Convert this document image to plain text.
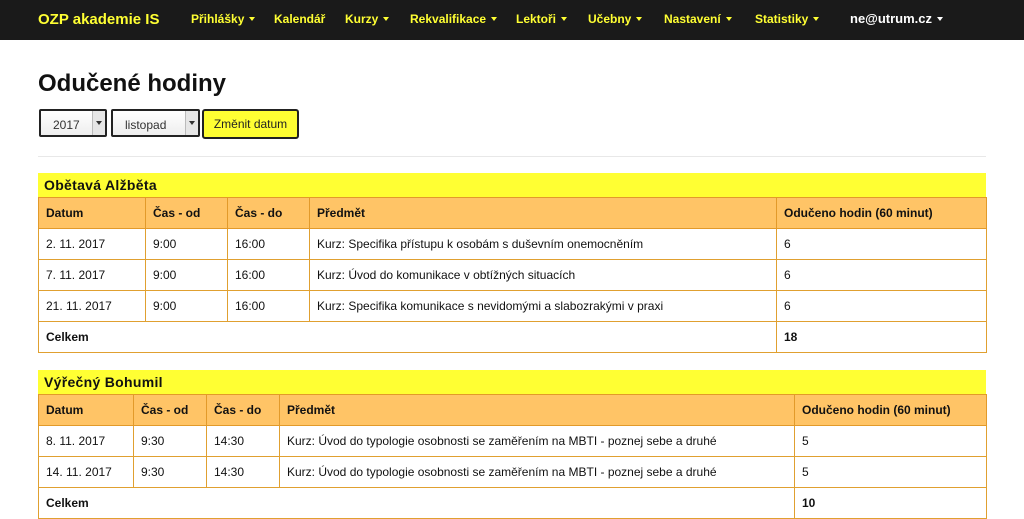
OZP akademie IS	Přihlášky	Kalendář Kurzy	Rekvalifikace	Lektoři	Učebny	Nastavení	Statistiky	ne@utrum.cz
Odučené hodiny
2017	listopad	Změnit datum
Obětavá Alžběta
Datum	Čas - od	Čas - do	Předmět	Odučeno hodin (60 minut)
2. 11. 2017	9:00	16:00	Kurz: Specifika přístupu k osobám s duševním onemocněním	6
7. 11. 2017	9:00	16:00	Kurz: Úvod do komunikace v obtížných situacích	6
21. 11. 2017	9:00	16:00	Kurz: Specifika komunikace s nevidomými a slabozrakými v praxi	6
Celkem				18
Výřečný Bohumil
Datum	Čas - od	Čas - do	Předmět	Odučeno hodin (60 minut)
8. 11. 2017	9:30	14:30	Kurz: Úvod do typologie osobnosti se zaměřením na MBTI - poznej sebe a druhé	5
14. 11. 2017	9:30	14:30	Kurz: Úvod do typologie osobnosti se zaměřením na MBTI - poznej sebe a druhé	5
Celkem				10
